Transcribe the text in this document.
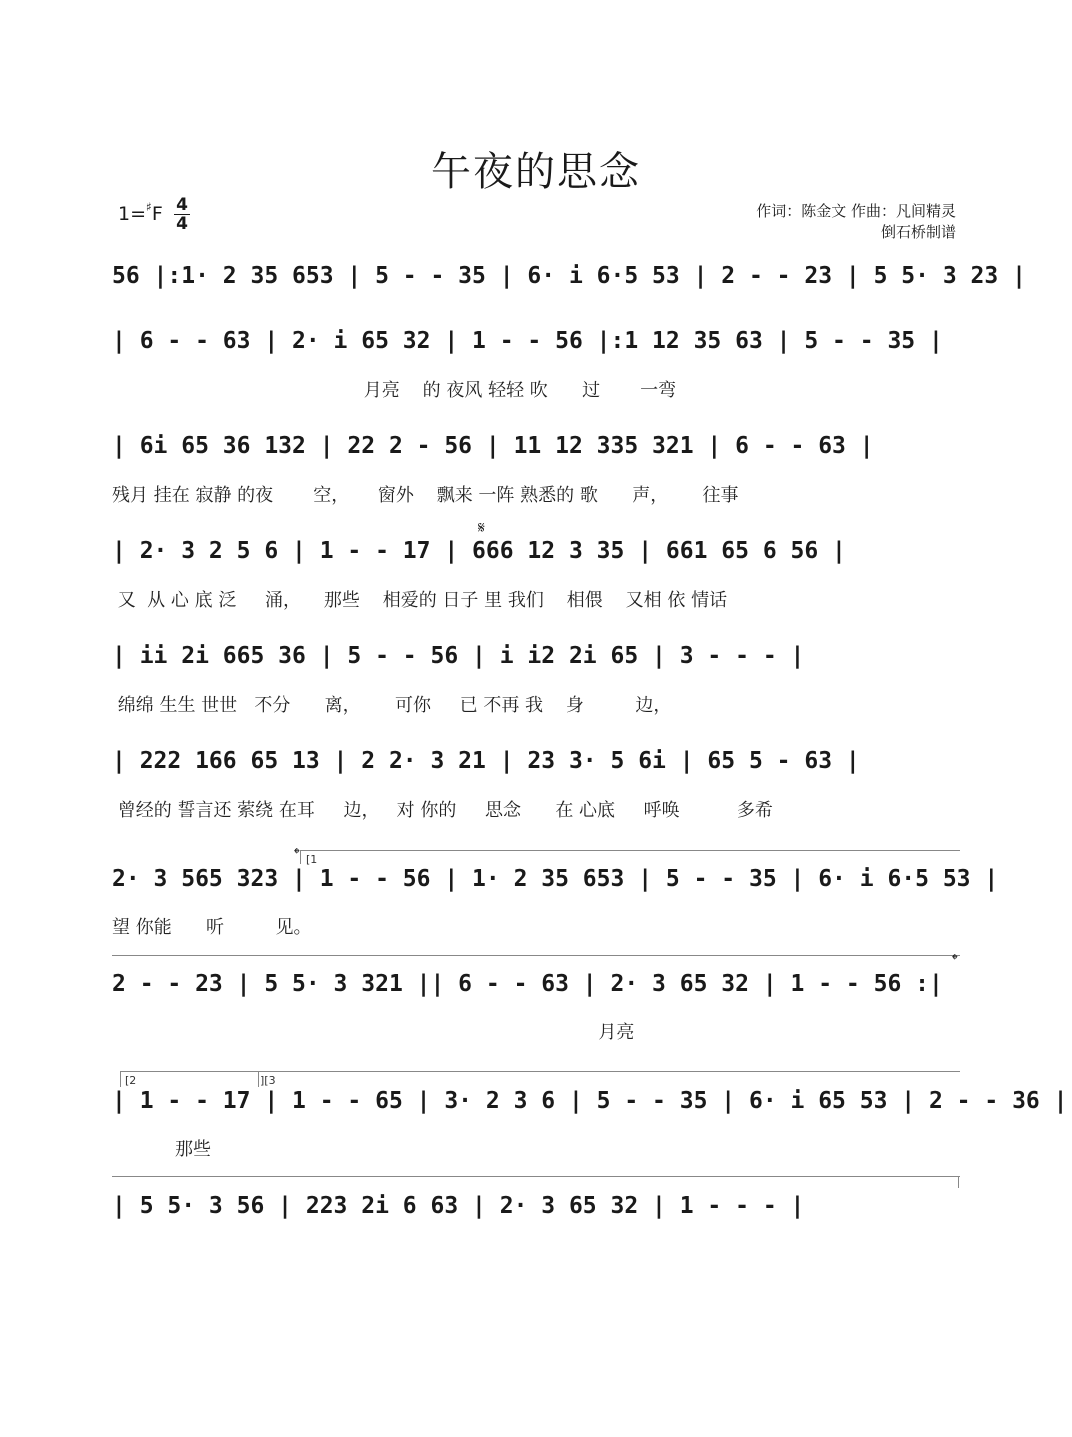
午夜的思念
1=♯F 4
4
作词：陈金文 作曲：凡间精灵
倒石桥制谱
56 |:1· 2 35 653 | 5 - - 35 | 6· i 6·5 53 | 2 - - 23 | 5 5· 3 23 |
| 6 - - 63 | 2· i 65 32 | 1 - - 56 |:1 12 35 63 | 5 - - 35 |
月亮    的 夜风 轻轻 吹      过       一弯
| 6i 65 36 132 | 22 2 - 56 | 11 12 335 321 | 6 - - 63 |
残月 挂在 寂静 的夜       空，     窗外    飘来 一阵 熟悉的 歌      声，      往事
𝄋
| 2· 3 2 5 6 | 1 - - 17 | 666 12 3 35 | 661 65 6 56 |
又  从 心 底 泛     涌，    那些    相爱的 日子 里 我们    相偎    又相 依 情话
| ii 2i 665 36 | 5 - - 56 | i i2 2i 65 | 3 - - - |
绵绵 生生 世世   不分      离，      可你     已 不再 我    身         边，
| 222 166 65 13 | 2 2· 3 21 | 23 3· 5 6i | 65 5 - 63 |
曾经的 誓言还 萦绕 在耳     边，   对 你的     思念      在 心底     呼唤          多希
𝄌 [1
2· 3 565 323 | 1 - - 56 | 1· 2 35 653 | 5 - - 35 | 6· i 6·5 53 |
望 你能      听         见。
𝄌
2 - - 23 | 5 5· 3 321 || 6 - - 63 | 2· 3 65 32 | 1 - - 56 :|
月亮
[2	][3
| 1 - - 17 | 1 - - 65 | 3· 2 3 6 | 5 - - 35 | 6· i 65 53 | 2 - - 36 |
那些
| 5 5· 3 56 | 223 2i 6 63 | 2· 3 65 32 | 1 - - - |
